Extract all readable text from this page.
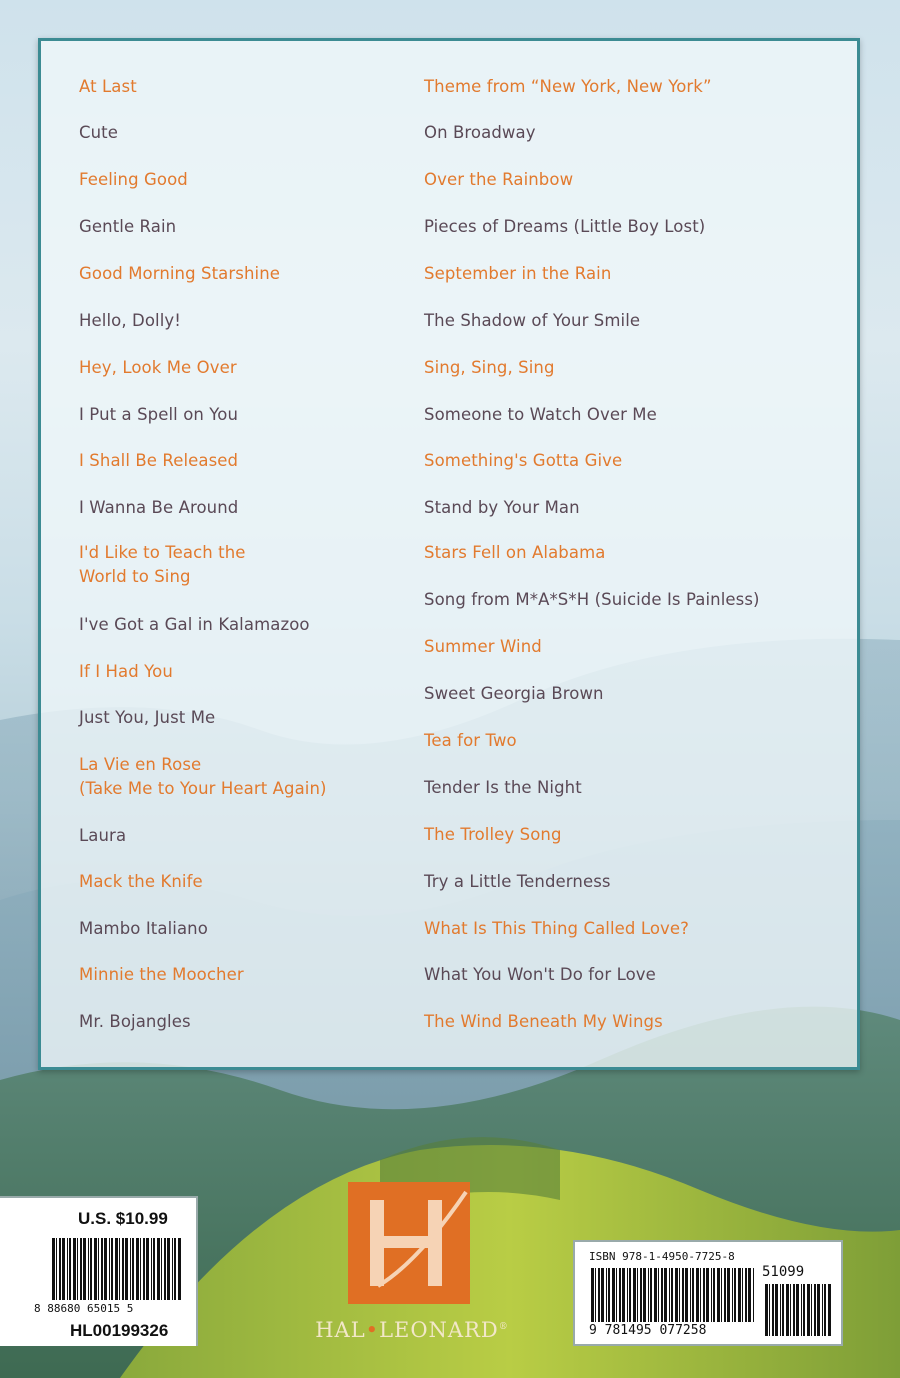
At Last
Cute
Feeling Good
Gentle Rain
Good Morning Starshine
Hello, Dolly!
Hey, Look Me Over
I Put a Spell on You
I Shall Be Released
I Wanna Be Around
I'd Like to Teach the
World to Sing
I've Got a Gal in Kalamazoo
If I Had You
Just You, Just Me
La Vie en Rose
(Take Me to Your Heart Again)
Laura
Mack the Knife
Mambo Italiano
Minnie the Moocher
Mr. Bojangles
Theme from “New York, New York”
On Broadway
Over the Rainbow
Pieces of Dreams (Little Boy Lost)
September in the Rain
The Shadow of Your Smile
Sing, Sing, Sing
Someone to Watch Over Me
Something's Gotta Give
Stand by Your Man
Stars Fell on Alabama
Song from M*A*S*H (Suicide Is Painless)
Summer Wind
Sweet Georgia Brown
Tea for Two
Tender Is the Night
The Trolley Song
Try a Little Tenderness
What Is This Thing Called Love?
What You Won't Do for Love
The Wind Beneath My Wings
U.S. $10.99
8 88680 65015 5
HL00199326	HAL•LEONARD®
ISBN 978-1-4950-7725-8
51099
9 781495 077258
